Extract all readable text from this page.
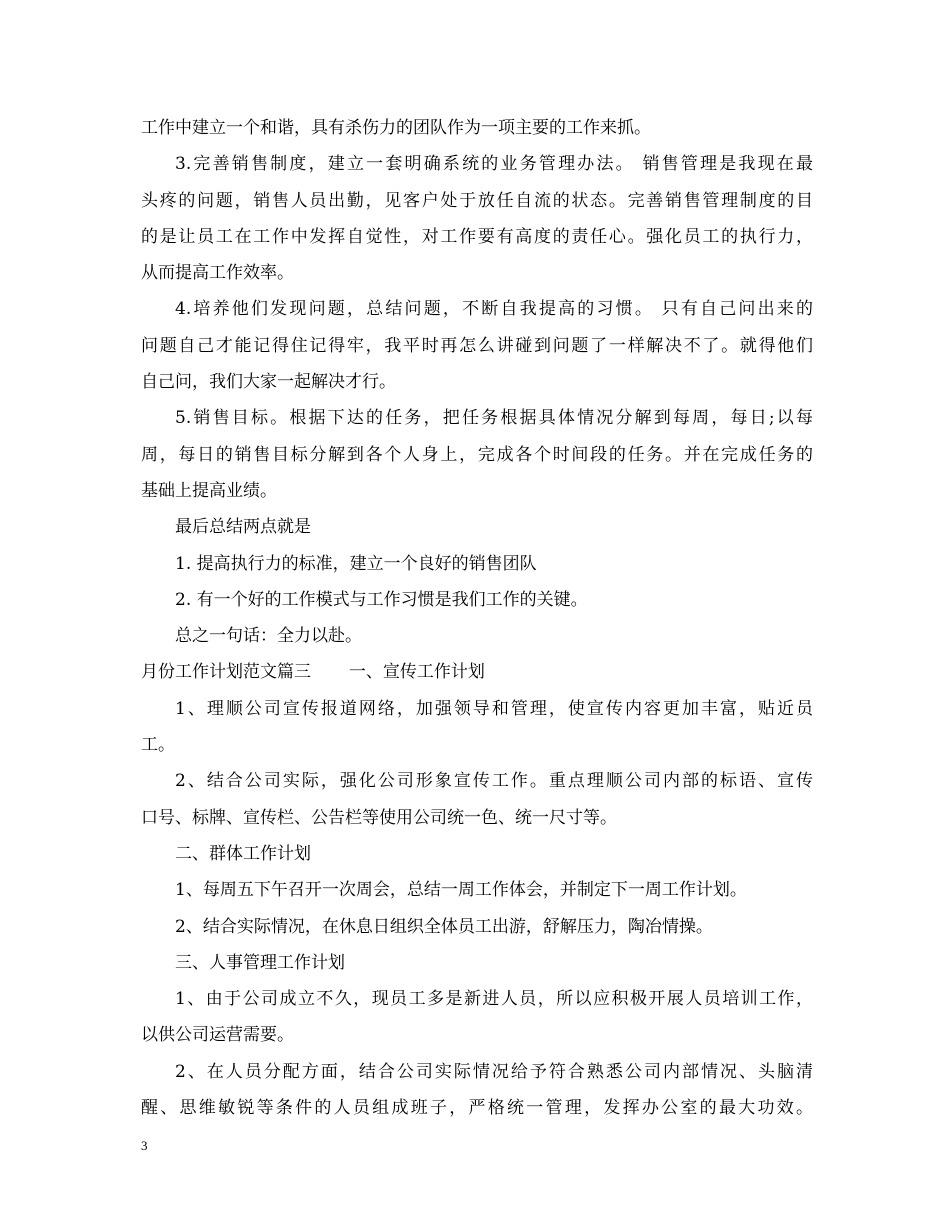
工作中建立一个和谐，具有杀伤力的团队作为一项主要的工作来抓。
3.完善销售制度，建立一套明确系统的业务管理办法。 销售管理是我现在最
头疼的问题，销售人员出勤，见客户处于放任自流的状态。完善销售管理制度的目
的是让员工在工作中发挥自觉性，对工作要有高度的责任心。强化员工的执行力，
从而提高工作效率。
4.培养他们发现问题，总结问题，不断自我提高的习惯。 只有自己问出来的
问题自己才能记得住记得牢，我平时再怎么讲碰到问题了一样解决不了。就得他们
自己问，我们大家一起解决才行。
5.销售目标。根据下达的任务，把任务根据具体情况分解到每周，每日;以每
周，每日的销售目标分解到各个人身上，完成各个时间段的任务。并在完成任务的
基础上提高业绩。
最后总结两点就是
1. 提高执行力的标准，建立一个良好的销售团队
2. 有一个好的工作模式与工作习惯是我们工作的关键。
总之一句话：全力以赴。
月份工作计划范文篇三       一、宣传工作计划
1、理顺公司宣传报道网络，加强领导和管理，使宣传内容更加丰富，贴近员
工。
2、结合公司实际，强化公司形象宣传工作。重点理顺公司内部的标语、宣传
口号、标牌、宣传栏、公告栏等使用公司统一色、统一尺寸等。
二、群体工作计划
1、每周五下午召开一次周会，总结一周工作体会，并制定下一周工作计划。
2、结合实际情况，在休息日组织全体员工出游，舒解压力，陶冶情操。
三、人事管理工作计划
1、由于公司成立不久，现员工多是新进人员，所以应积极开展人员培训工作，
以供公司运营需要。
2、在人员分配方面，结合公司实际情况给予符合熟悉公司内部情况、头脑清
醒、思维敏锐等条件的人员组成班子，严格统一管理，发挥办公室的最大功效。
3
